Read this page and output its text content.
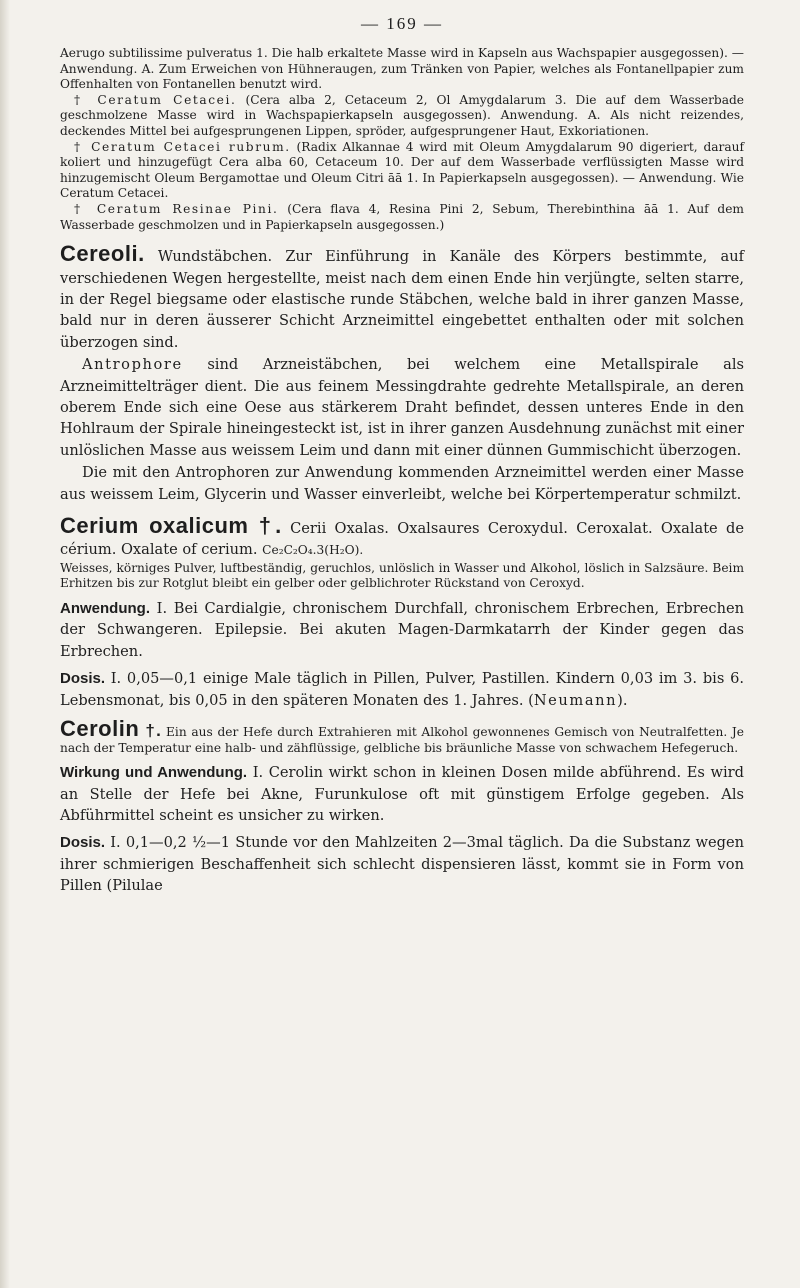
— 169 —

Aerugo subtilissime pulveratus 1. Die halb erkaltete Masse wird in Kapseln aus Wachspapier ausgegossen). — Anwendung. A. Zum Erweichen von Hühneraugen, zum Tränken von Papier, welches als Fontanellpapier zum Offenhalten von Fontanellen benutzt wird.

† Ceratum Cetacei. (Cera alba 2, Cetaceum 2, Ol Amygdalarum 3. Die auf dem Wasserbade geschmolzene Masse wird in Wachspapierkapseln ausgegossen). Anwendung. A. Als nicht reizendes, deckendes Mittel bei aufgesprungenen Lippen, spröder, aufgesprungener Haut, Exkoriationen.

† Ceratum Cetacei rubrum. (Radix Alkannae 4 wird mit Oleum Amygdalarum 90 digeriert, darauf koliert und hinzugefügt Cera alba 60, Cetaceum 10. Der auf dem Wasserbade verflüssigten Masse wird hinzugemischt Oleum Bergamottae und Oleum Citri āā 1. In Papierkapseln ausgegossen). — Anwendung. Wie Ceratum Cetacei.

† Ceratum Resinae Pini. (Cera flava 4, Resina Pini 2, Sebum, Therebinthina āā 1. Auf dem Wasserbade geschmolzen und in Papierkapseln ausgegossen.)

Cereoli. Wundstäbchen. Zur Einführung in Kanäle des Körpers bestimmte, auf verschiedenen Wegen hergestellte, meist nach dem einen Ende hin verjüngte, selten starre, in der Regel biegsame oder elastische runde Stäbchen, welche bald in ihrer ganzen Masse, bald nur in deren äusserer Schicht Arzneimittel eingebettet enthalten oder mit solchen überzogen sind.

Antrophore sind Arzneistäbchen, bei welchem eine Metallspirale als Arzneimittelträger dient. Die aus feinem Messingdrahte gedrehte Metallspirale, an deren oberem Ende sich eine Oese aus stärkerem Draht befindet, dessen unteres Ende in den Hohlraum der Spirale hineingesteckt ist, ist in ihrer ganzen Ausdehnung zunächst mit einer unlöslichen Masse aus weissem Leim und dann mit einer dünnen Gummischicht überzogen.

Die mit den Antrophoren zur Anwendung kommenden Arzneimittel werden einer Masse aus weissem Leim, Glycerin und Wasser einverleibt, welche bei Körpertemperatur schmilzt.

Cerium oxalicum †. Cerii Oxalas. Oxalsaures Ceroxydul. Ceroxalat. Oxalate de cérium. Oxalate of cerium. Ce₂C₂O₄.3(H₂O).

Weisses, körniges Pulver, luftbeständig, geruchlos, unlöslich in Wasser und Alkohol, löslich in Salzsäure. Beim Erhitzen bis zur Rotglut bleibt ein gelber oder gelblichroter Rückstand von Ceroxyd.

Anwendung. I. Bei Cardialgie, chronischem Durchfall, chronischem Erbrechen, Erbrechen der Schwangeren. Epilepsie. Bei akuten Magen-Darmkatarrh der Kinder gegen das Erbrechen.

Dosis. I. 0,05—0,1 einige Male täglich in Pillen, Pulver, Pastillen. Kindern 0,03 im 3. bis 6. Lebensmonat, bis 0,05 in den späteren Monaten des 1. Jahres. (Neumann).

Cerolin †. Ein aus der Hefe durch Extrahieren mit Alkohol gewonnenes Gemisch von Neutralfetten. Je nach der Temperatur eine halb- und zähflüssige, gelbliche bis bräunliche Masse von schwachem Hefegeruch.

Wirkung und Anwendung. I. Cerolin wirkt schon in kleinen Dosen milde abführend. Es wird an Stelle der Hefe bei Akne, Furunkulose oft mit günstigem Erfolge gegeben. Als Abführmittel scheint es unsicher zu wirken.

Dosis. I. 0,1—0,2 ½—1 Stunde vor den Mahlzeiten 2—3mal täglich. Da die Substanz wegen ihrer schmierigen Beschaffenheit sich schlecht dispensieren lässt, kommt sie in Form von Pillen (Pilulae
